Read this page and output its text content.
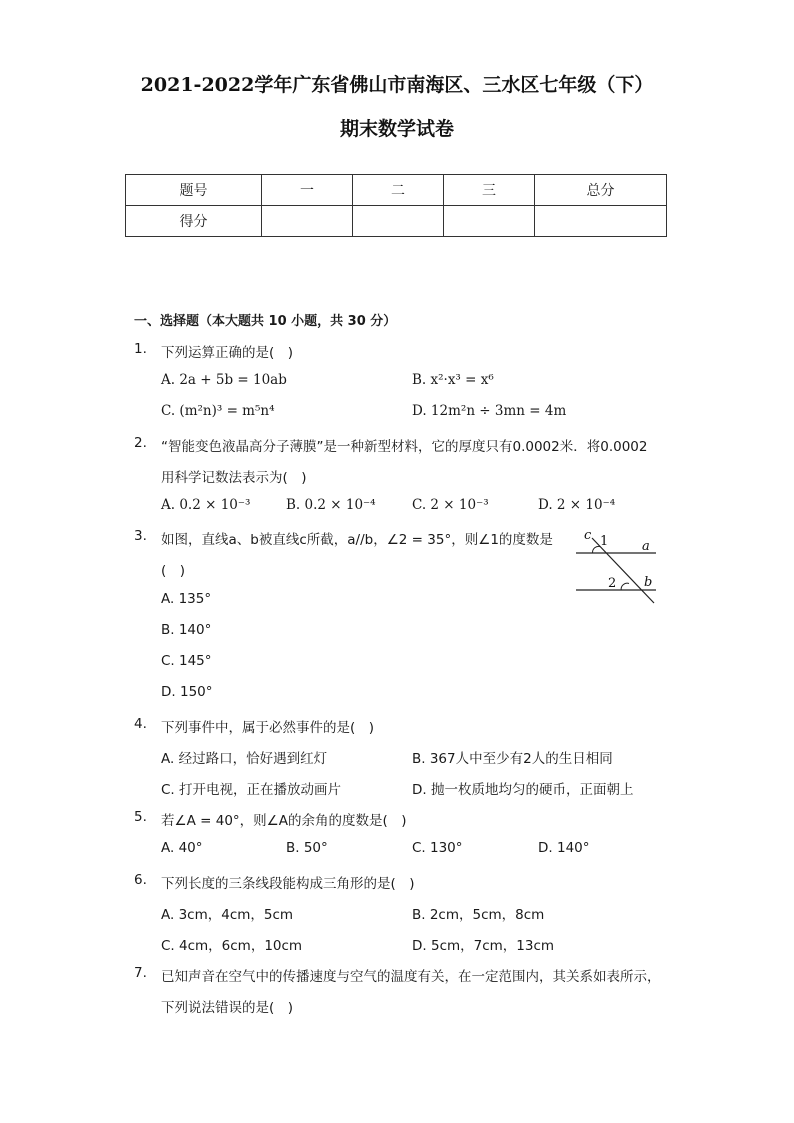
2021-2022学年广东省佛山市南海区、三水区七年级（下）
期末数学试卷
题号	一	二	三	总分
得分				
一、选择题（本大题共 10 小题，共 30 分）
1. 下列运算正确的是(　)
A. 2a + 5b = 10ab	B. x²·x³ = x⁶
C. (m²n)³ = m⁵n⁴	D. 12m²n ÷ 3mn = 4m
2. “智能变色液晶高分子薄膜”是一种新型材料，它的厚度只有0.0002米．将0.0002
用科学记数法表示为(　)
A. 0.2 × 10⁻³	B. 0.2 × 10⁻⁴	C. 2 × 10⁻³	D. 2 × 10⁻⁴
3. 如图，直线a、b被直线c所截，a//b，∠2 = 35°，则∠1的度数是
(　)
A. 135°
B. 140°
C. 145°
D. 150°
c 1	a
2 b
4. 下列事件中，属于必然事件的是(　)
A. 经过路口，恰好遇到红灯	B. 367人中至少有2人的生日相同
C. 打开电视，正在播放动画片	D. 抛一枚质地均匀的硬币，正面朝上
5. 若∠A = 40°，则∠A的余角的度数是(　)
A. 40°	B. 50°	C. 130°	D. 140°
6. 下列长度的三条线段能构成三角形的是(　)
A. 3cm，4cm，5cm	B. 2cm，5cm，8cm
C. 4cm，6cm，10cm	D. 5cm，7cm，13cm
7. 已知声音在空气中的传播速度与空气的温度有关，在一定范围内，其关系如表所示，
下列说法错误的是(　)
